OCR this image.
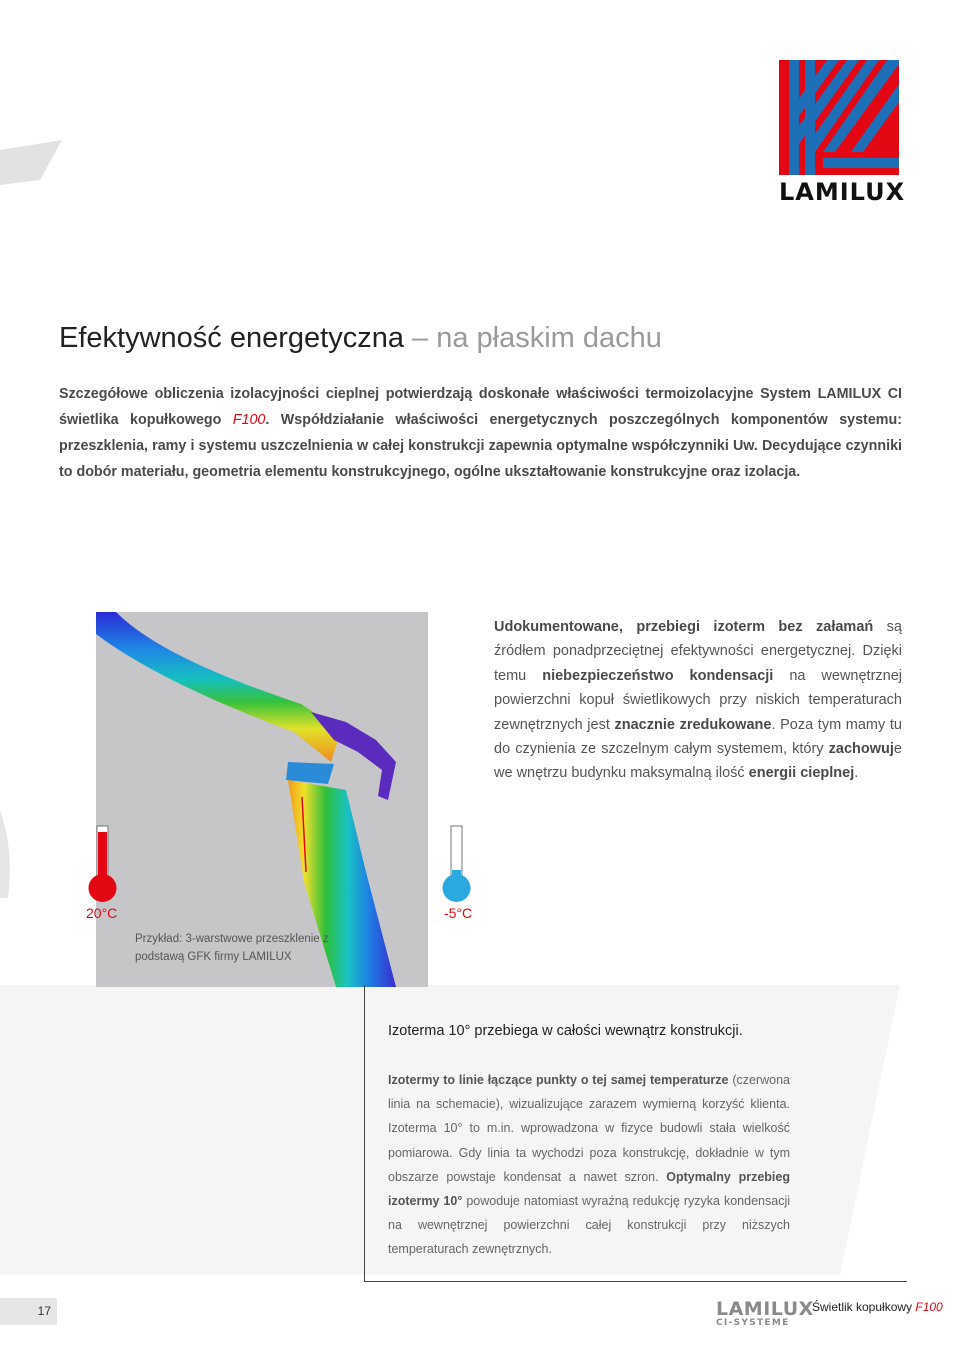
LAMILUX
Efektywność energetyczna – na płaskim dachu
Szczegółowe obliczenia izolacyjności cieplnej potwierdzają doskonałe właściwości termoizolacyjne System LAMILUX CI świetlika kopułkowego F100. Współdziałanie właściwości energetycznych poszczególnych komponentów systemu: przeszklenia, ramy i systemu uszczelnienia w całej konstrukcji zapewnia optymalne współczynniki Uw. Decydujące czynniki to dobór materiału, geometria elementu konstrukcyjnego, ogólne ukształtowanie konstrukcyjne oraz izolacja.
Udokumentowane, przebiegi izoterm bez załamań są źródłem ponadprzeciętnej efektywności energetycznej. Dzięki temu niebezpieczeństwo kondensacji na wewnętrznej powierzchni kopuł świetlikowych przy niskich temperaturach zewnętrznych jest znacznie zredukowane. Poza tym mamy tu do czynienia ze szczelnym całym systemem, który zachowuje we wnętrzu budynku maksymalną ilość energii cieplnej.
20°C	-5°C
Przykład: 3-warstwowe przeszklenie z podstawą GFK firmy LAMILUX
Izoterma 10° przebiega w całości wewnątrz konstrukcji.
Izotermy to linie łączące punkty o tej samej temperaturze (czerwona linia na schemacie), wizualizujące zarazem wymierną korzyść klienta. Izoterma 10° to m.in. wprowadzona w fizyce budowli stała wielkość pomiarowa. Gdy linia ta wychodzi poza konstrukcję, dokładnie w tym obszarze powstaje kondensat a nawet szron. Optymalny przebieg izotermy 10° powoduje natomiast wyraźną redukcję ryzyka kondensacji na wewnętrznej powierzchni całej konstrukcji przy niższych temperaturach zewnętrznych.
17	LAMILUX
CI-SYSTEME
Świetlik kopułkowy F100
